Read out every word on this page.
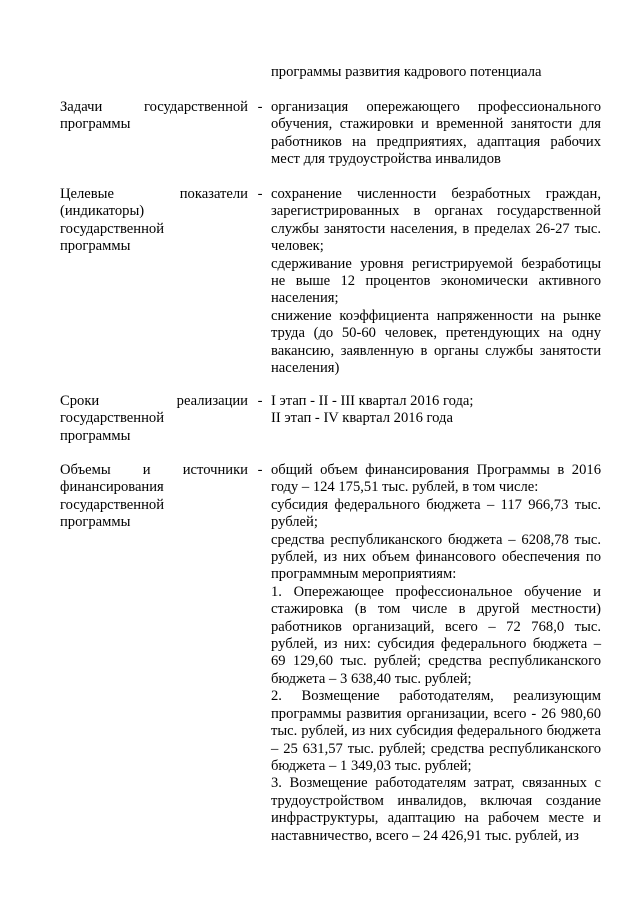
программы развития кадрового потенциала
Задачи государственной
программы
- организация опережающего профессионального обучения, стажировки и временной занятости для работников на предприятиях, адаптация рабочих мест для трудоустройства инвалидов

Целевые показатели
(индикаторы)
государственной
программы
- сохранение численности безработных граждан, зарегистрированных в органах государственной службы занятости населения, в пределах 26-27 тыс. человек;

сдерживание уровня регистрируемой безработицы не выше 12 процентов экономически активного населения;

снижение коэффициента напряженности на рынке труда (до 50-60 человек, претендующих на одну вакансию, заявленную в органы службы занятости населения)

Сроки реализации
государственной
программы
- I этап - II - III квартал 2016 года;

II этап - IV квартал 2016 года

Объемы и источники
финансирования
государственной
программы
- общий объем финансирования Программы в 2016 году – 124 175,51 тыс. рублей, в том числе:

субсидия федерального бюджета – 117 966,73 тыс. рублей;

средства республиканского бюджета – 6208,78 тыс. рублей, из них объем финансового обеспечения по программным мероприятиям:

1. Опережающее профессиональное обучение и стажировка (в том числе в другой местности) работников организаций, всего – 72 768,0 тыс. рублей, из них: субсидия федерального бюджета – 69 129,60 тыс. рублей; средства республиканского бюджета – 3 638,40 тыс. рублей;

2. Возмещение работодателям, реализующим программы развития организации, всего - 26 980,60 тыс. рублей, из них субсидия федерального бюджета – 25 631,57 тыс. рублей; средства республиканского бюджета – 1 349,03 тыс. рублей;

3. Возмещение работодателям затрат, связанных с трудоустройством инвалидов, включая создание инфраструктуры, адаптацию на рабочем месте и наставничество, всего – 24 426,91 тыс. рублей, из
